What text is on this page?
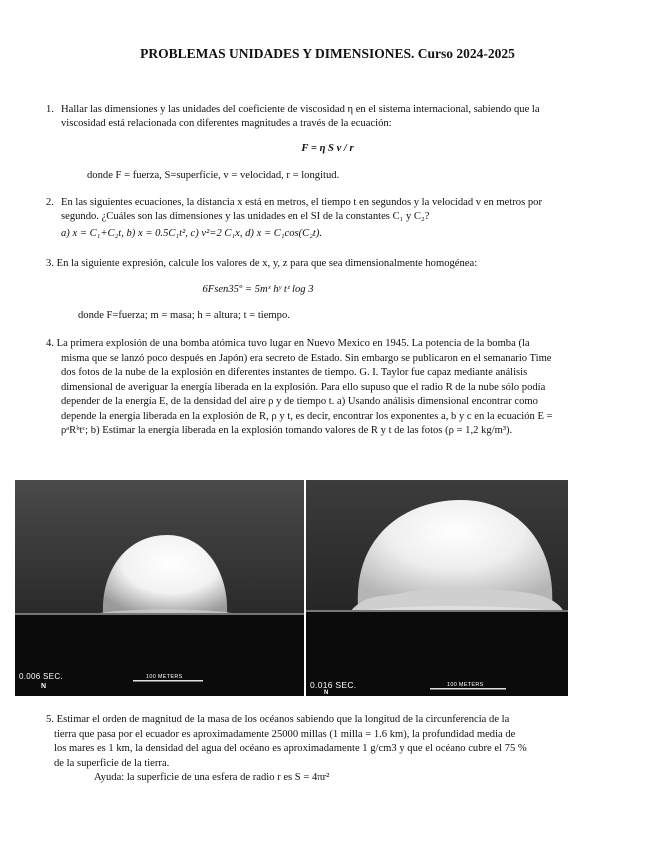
PROBLEMAS UNIDADES Y DIMENSIONES. Curso 2024-2025
1. Hallar las dimensiones y las unidades del coeficiente de viscosidad η en el sistema internacional, sabiendo que la
viscosidad está relacionada con diferentes magnitudes a través de la ecuación:
F = η S v / r
donde F = fuerza, S=superficie, v = velocidad, r = longitud.
2. En las siguientes ecuaciones, la distancia x está en metros, el tiempo t en segundos y la velocidad v en metros por
segundo. ¿Cuáles son las dimensiones y las unidades en el SI de la constantes C₁ y C₂?
a) x = C₁+C₂t, b) x = 0.5C₁t², c) v²=2 C₁x, d) x = C₁cos(C₂t).
3. En la siguiente expresión, calcule los valores de x, y, z para que sea dimensionalmente homogénea:
6Fsen35º = 5mˣ hʸ tᶻ log 3
donde F=fuerza; m = masa; h = altura; t = tiempo.
4. La primera explosión de una bomba atómica tuvo lugar en Nuevo Mexico en 1945. La potencia de la bomba (la
misma que se lanzó poco después en Japón) era secreto de Estado. Sin embargo se publicaron en el semanario Time
dos fotos de la nube de la explosión en diferentes instantes de tiempo. G. I. Taylor fue capaz mediante análisis
dimensional de averiguar la energía liberada en la explosión. Para ello supuso que el radio R de la nube sólo podía
depender de la energía E, de la densidad del aire ρ y de tiempo t. a) Usando análisis dimensional encontrar como
depende la energía liberada en la explosión de R, ρ y t, es decir, encontrar los exponentes a, b y c en la ecuación E =
ρᵃRᵇtᶜ; b) Estimar la energía liberada en la explosión tomando valores de R y t de las fotos (ρ = 1,2 kg/m³).
0.006 SEC.
N
100 METERS
0.016 SEC.
N
100 METERS
5. Estimar el orden de magnitud de la masa de los océanos sabiendo que la longitud de la circunferencia de la
tierra que pasa por el ecuador es aproximadamente 25000 millas (1 milla = 1.6 km), la profundidad media de
los mares es 1 km, la densidad del agua del océano es aproximadamente 1 g/cm3 y que el océano cubre el 75 %
de la superficie de la tierra.
Ayuda: la superficie de una esfera de radio r es S = 4πr²
